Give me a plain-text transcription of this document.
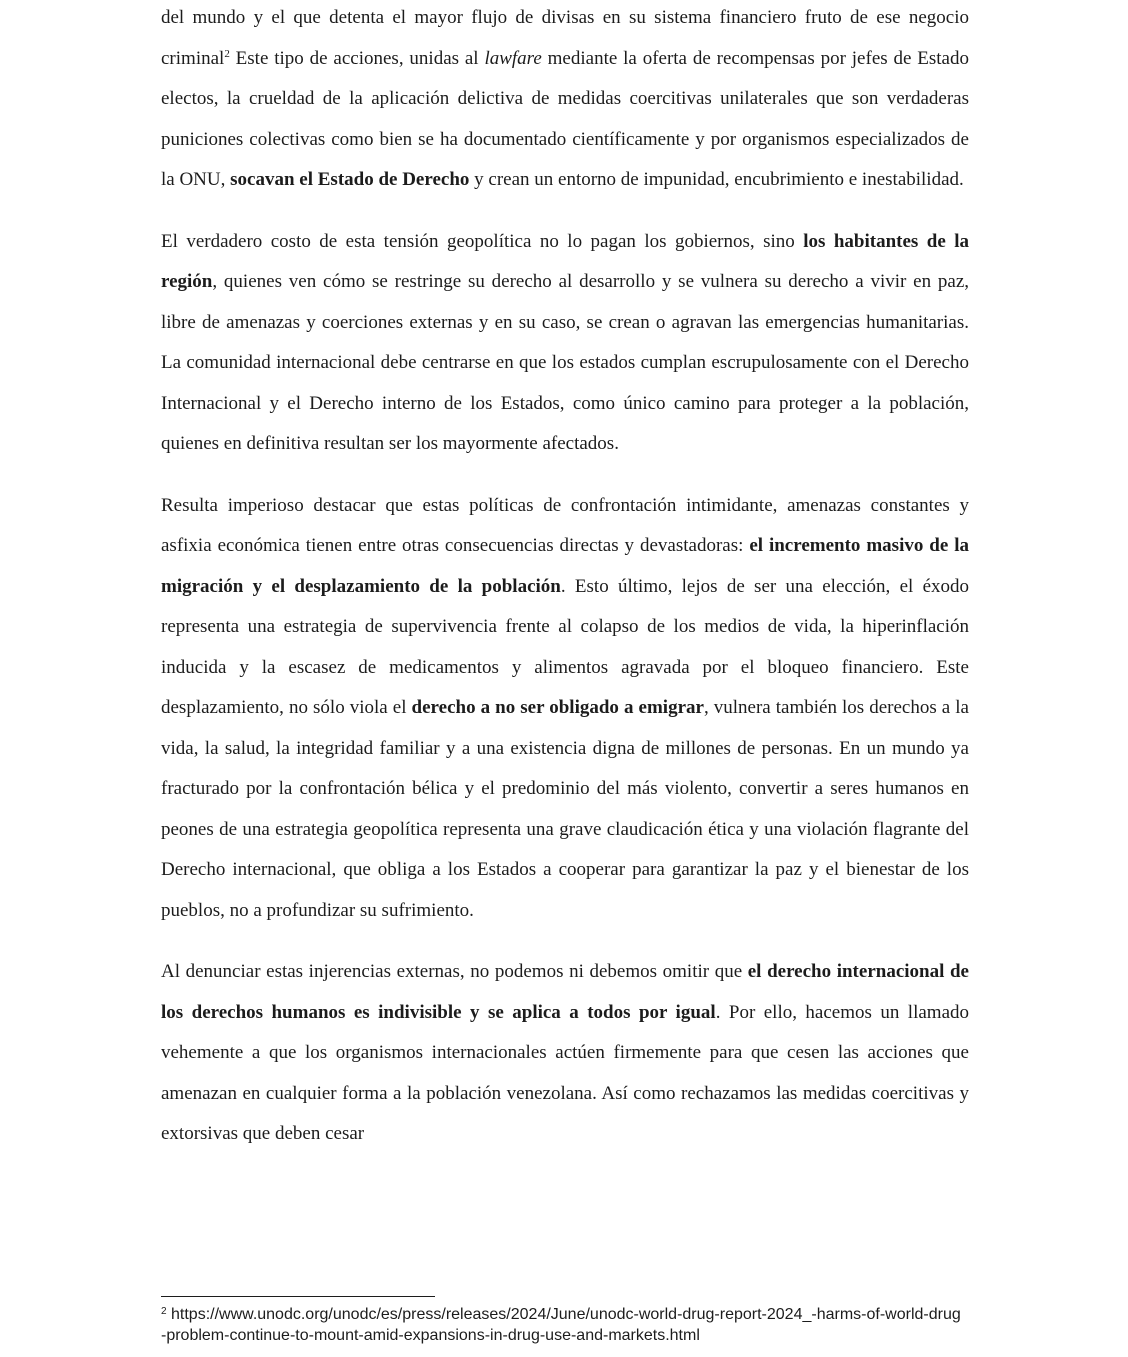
del mundo y el que detenta el mayor flujo de divisas en su sistema financiero fruto de ese negocio criminal$^2$ Este tipo de acciones, unidas al lawfare mediante la oferta de recompensas por jefes de Estado electos, la crueldad de la aplicación delictiva de medidas coercitivas unilaterales que son verdaderas puniciones colectivas como bien se ha documentado científicamente y por organismos especializados de la ONU, socavan el Estado de Derecho y crean un entorno de impunidad, encubrimiento e inestabilidad.

El verdadero costo de esta tensión geopolítica no lo pagan los gobiernos, sino los habitantes de la región, quienes ven cómo se restringe su derecho al desarrollo y se vulnera su derecho a vivir en paz, libre de amenazas y coerciones externas y en su caso, se crean o agravan las emergencias humanitarias. La comunidad internacional debe centrarse en que los estados cumplan escrupulosamente con el Derecho Internacional y el Derecho interno de los Estados, como único camino para proteger a la población, quienes en definitiva resultan ser los mayormente afectados.

Resulta imperioso destacar que estas políticas de confrontación intimidante, amenazas constantes y asfixia económica tienen entre otras consecuencias directas y devastadoras: el incremento masivo de la migración y el desplazamiento de la población. Esto último, lejos de ser una elección, el éxodo representa una estrategia de supervivencia frente al colapso de los medios de vida, la hiperinflación inducida y la escasez de medicamentos y alimentos agravada por el bloqueo financiero. Este desplazamiento, no sólo viola el derecho a no ser obligado a emigrar, vulnera también los derechos a la vida, la salud, la integridad familiar y a una existencia digna de millones de personas. En un mundo ya fracturado por la confrontación bélica y el predominio del más violento, convertir a seres humanos en peones de una estrategia geopolítica representa una grave claudicación ética y una violación flagrante del Derecho internacional, que obliga a los Estados a cooperar para garantizar la paz y el bienestar de los pueblos, no a profundizar su sufrimiento.

Al denunciar estas injerencias externas, no podemos ni debemos omitir que el derecho internacional de los derechos humanos es indivisible y se aplica a todos por igual. Por ello, hacemos un llamado vehemente a que los organismos internacionales actúen firmemente para que cesen las acciones que amenazan en cualquier forma a la población venezolana. Así como rechazamos las medidas coercitivas y extorsivas que deben cesar

$^2$ https://www.unodc.org/unodc/es/press/releases/2024/June/unodc-world-drug-report-2024_-harms-of-world-drug-problem-continue-to-mount-amid-expansions-in-drug-use-and-markets.html
